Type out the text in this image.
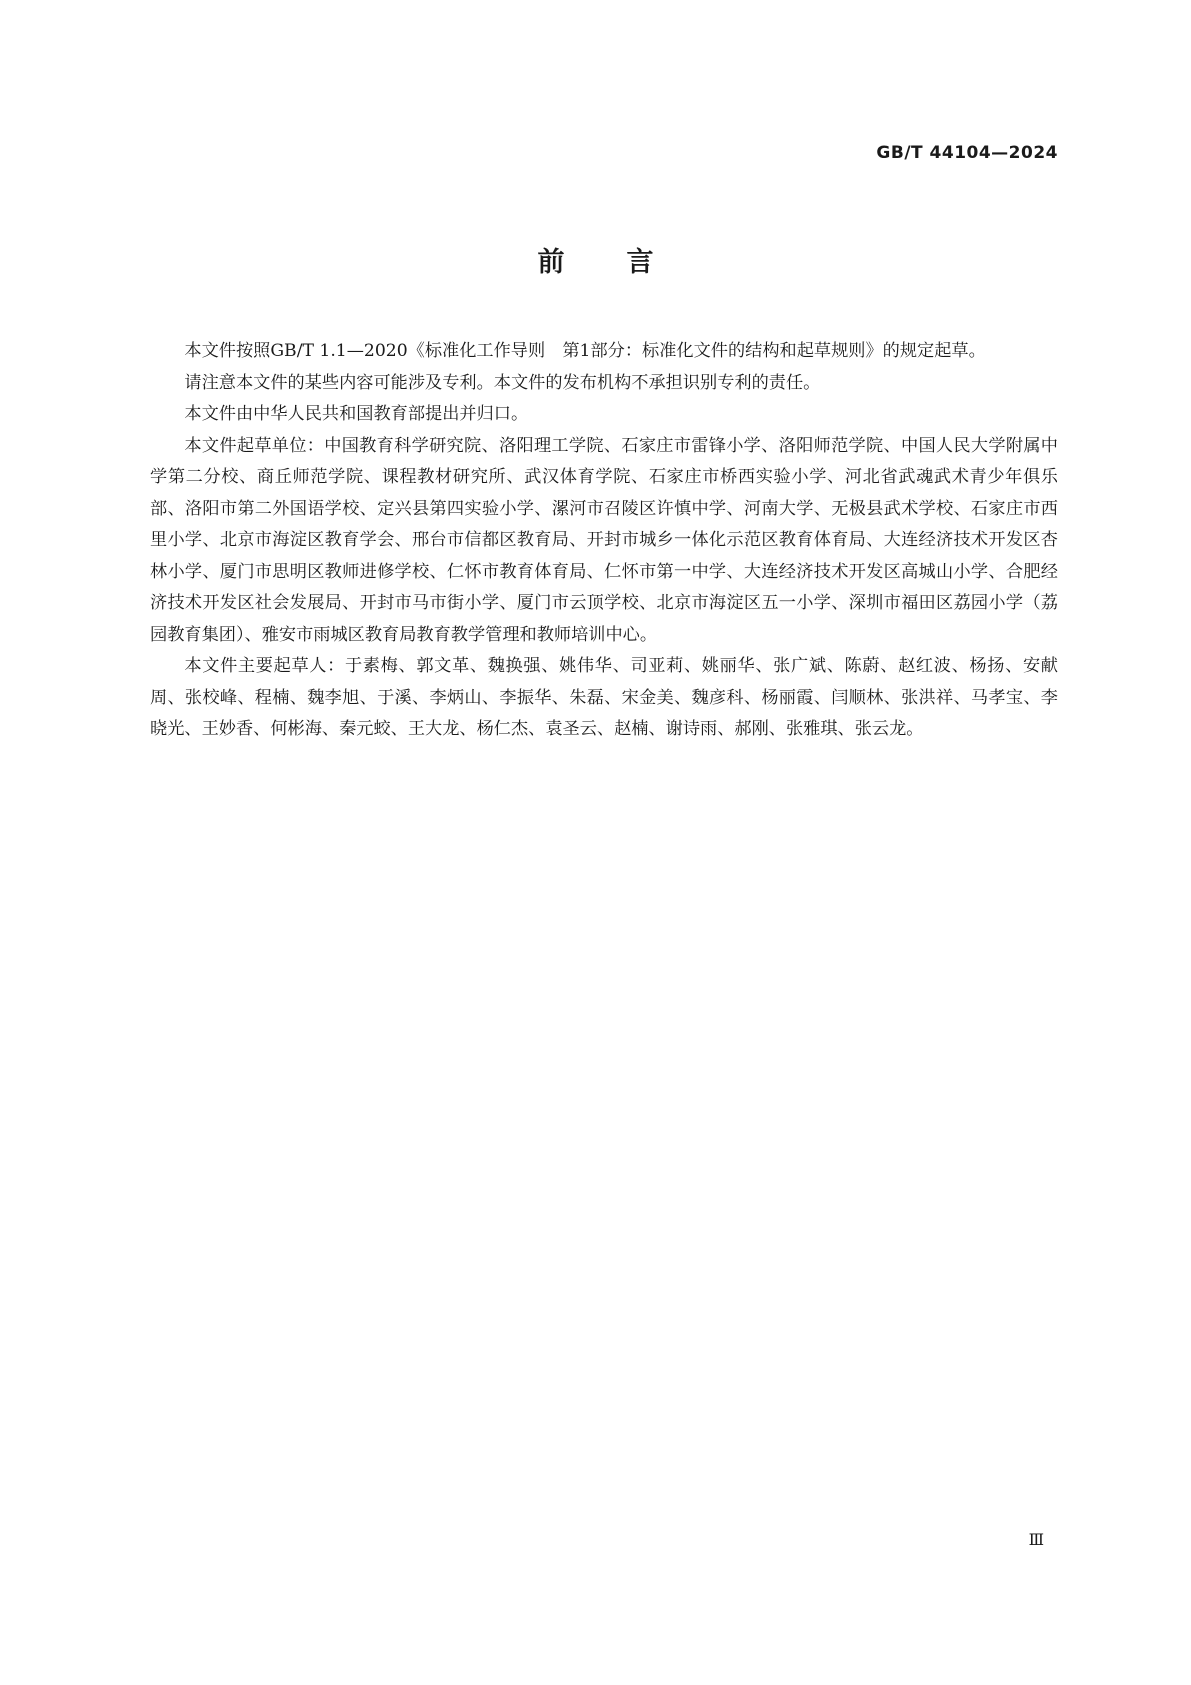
GB/T 44104—2024
前言

本文件按照GB/T 1.1—2020《标准化工作导则　第1部分：标准化文件的结构和起草规则》的规定起草。

请注意本文件的某些内容可能涉及专利。本文件的发布机构不承担识别专利的责任。

本文件由中华人民共和国教育部提出并归口。

本文件起草单位：中国教育科学研究院、洛阳理工学院、石家庄市雷锋小学、洛阳师范学院、中国人民大学附属中学第二分校、商丘师范学院、课程教材研究所、武汉体育学院、石家庄市桥西实验小学、河北省武魂武术青少年俱乐部、洛阳市第二外国语学校、定兴县第四实验小学、漯河市召陵区许慎中学、河南大学、无极县武术学校、石家庄市西里小学、北京市海淀区教育学会、邢台市信都区教育局、开封市城乡一体化示范区教育体育局、大连经济技术开发区杏林小学、厦门市思明区教师进修学校、仁怀市教育体育局、仁怀市第一中学、大连经济技术开发区高城山小学、合肥经济技术开发区社会发展局、开封市马市街小学、厦门市云顶学校、北京市海淀区五一小学、深圳市福田区荔园小学（荔园教育集团）、雅安市雨城区教育局教育教学管理和教师培训中心。

本文件主要起草人：于素梅、郭文革、魏换强、姚伟华、司亚莉、姚丽华、张广斌、陈蔚、赵红波、杨扬、安献周、张校峰、程楠、魏李旭、于溪、李炳山、李振华、朱磊、宋金美、魏彦科、杨丽霞、闫顺林、张洪祥、马孝宝、李晓光、王妙香、何彬海、秦元蛟、王大龙、杨仁杰、袁圣云、赵楠、谢诗雨、郝刚、张雅琪、张云龙。

Ⅲ
